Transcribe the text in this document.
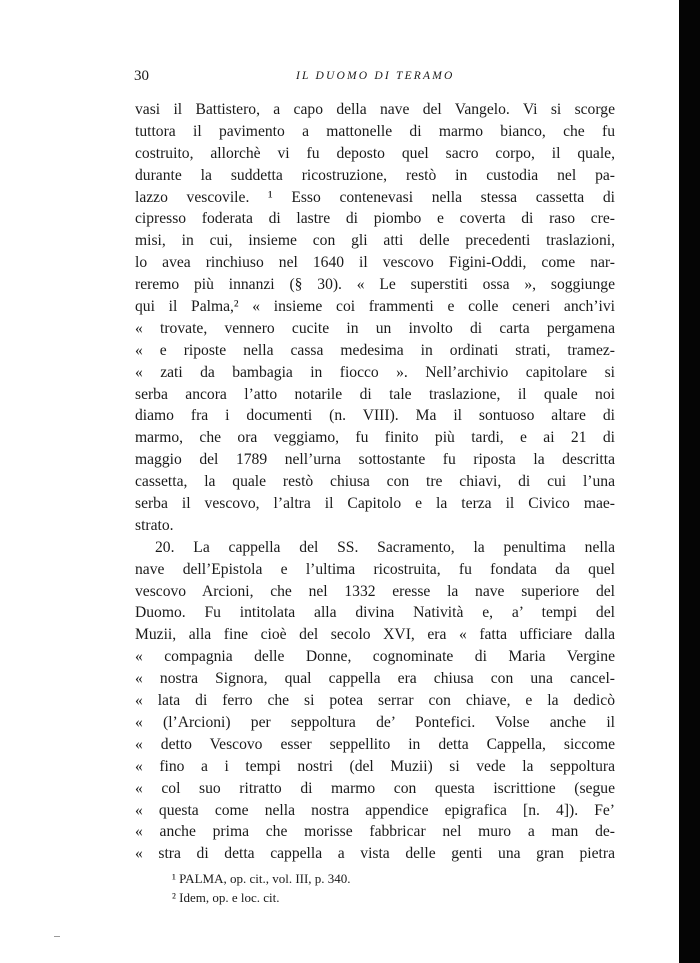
30	IL DUOMO DI TERAMO
vasi il Battistero, a capo della nave del Vangelo. Vi si scorge
tuttora il pavimento a mattonelle di marmo bianco, che fu
costruito, allorchè vi fu deposto quel sacro corpo, il quale,
durante la suddetta ricostruzione, restò in custodia nel pa-
lazzo vescovile. ¹ Esso contenevasi nella stessa cassetta di
cipresso foderata di lastre di piombo e coverta di raso cre-
misi, in cui, insieme con gli atti delle precedenti traslazioni,
lo avea rinchiuso nel 1640 il vescovo Figini-Oddi, come nar-
reremo più innanzi (§ 30). « Le superstiti ossa », soggiunge
qui il Palma,² « insieme coi frammenti e colle ceneri anch’ivi
« trovate, vennero cucite in un involto di carta pergamena
« e riposte nella cassa medesima in ordinati strati, tramez-
« zati da bambagia in fiocco ». Nell’archivio capitolare si
serba ancora l’atto notarile di tale traslazione, il quale noi
diamo fra i documenti (n. VIII). Ma il sontuoso altare di
marmo, che ora veggiamo, fu finito più tardi, e ai 21 di
maggio del 1789 nell’urna sottostante fu riposta la descritta
cassetta, la quale restò chiusa con tre chiavi, di cui l’una
serba il vescovo, l’altra il Capitolo e la terza il Civico mae-
strato.
20. La cappella del SS. Sacramento, la penultima nella
nave dell’Epistola e l’ultima ricostruita, fu fondata da quel
vescovo Arcioni, che nel 1332 eresse la nave superiore del
Duomo. Fu intitolata alla divina Natività e, a’ tempi del
Muzii, alla fine cioè del secolo XVI, era « fatta ufficiare dalla
« compagnia delle Donne, cognominate di Maria Vergine
« nostra Signora, qual cappella era chiusa con una cancel-
« lata di ferro che si potea serrar con chiave, e la dedicò
« (l’Arcioni) per seppoltura de’ Pontefici. Volse anche il
« detto Vescovo esser seppellito in detta Cappella, siccome
« fino a i tempi nostri (del Muzii) si vede la seppoltura
« col suo ritratto di marmo con questa iscrittione (segue
« questa come nella nostra appendice epigrafica [n. 4]). Fe’
« anche prima che morisse fabbricar nel muro a man de-
« stra di detta cappella a vista delle genti una gran pietra
¹ PALMA, op. cit., vol. III, p. 340.
² Idem, op. e loc. cit.
